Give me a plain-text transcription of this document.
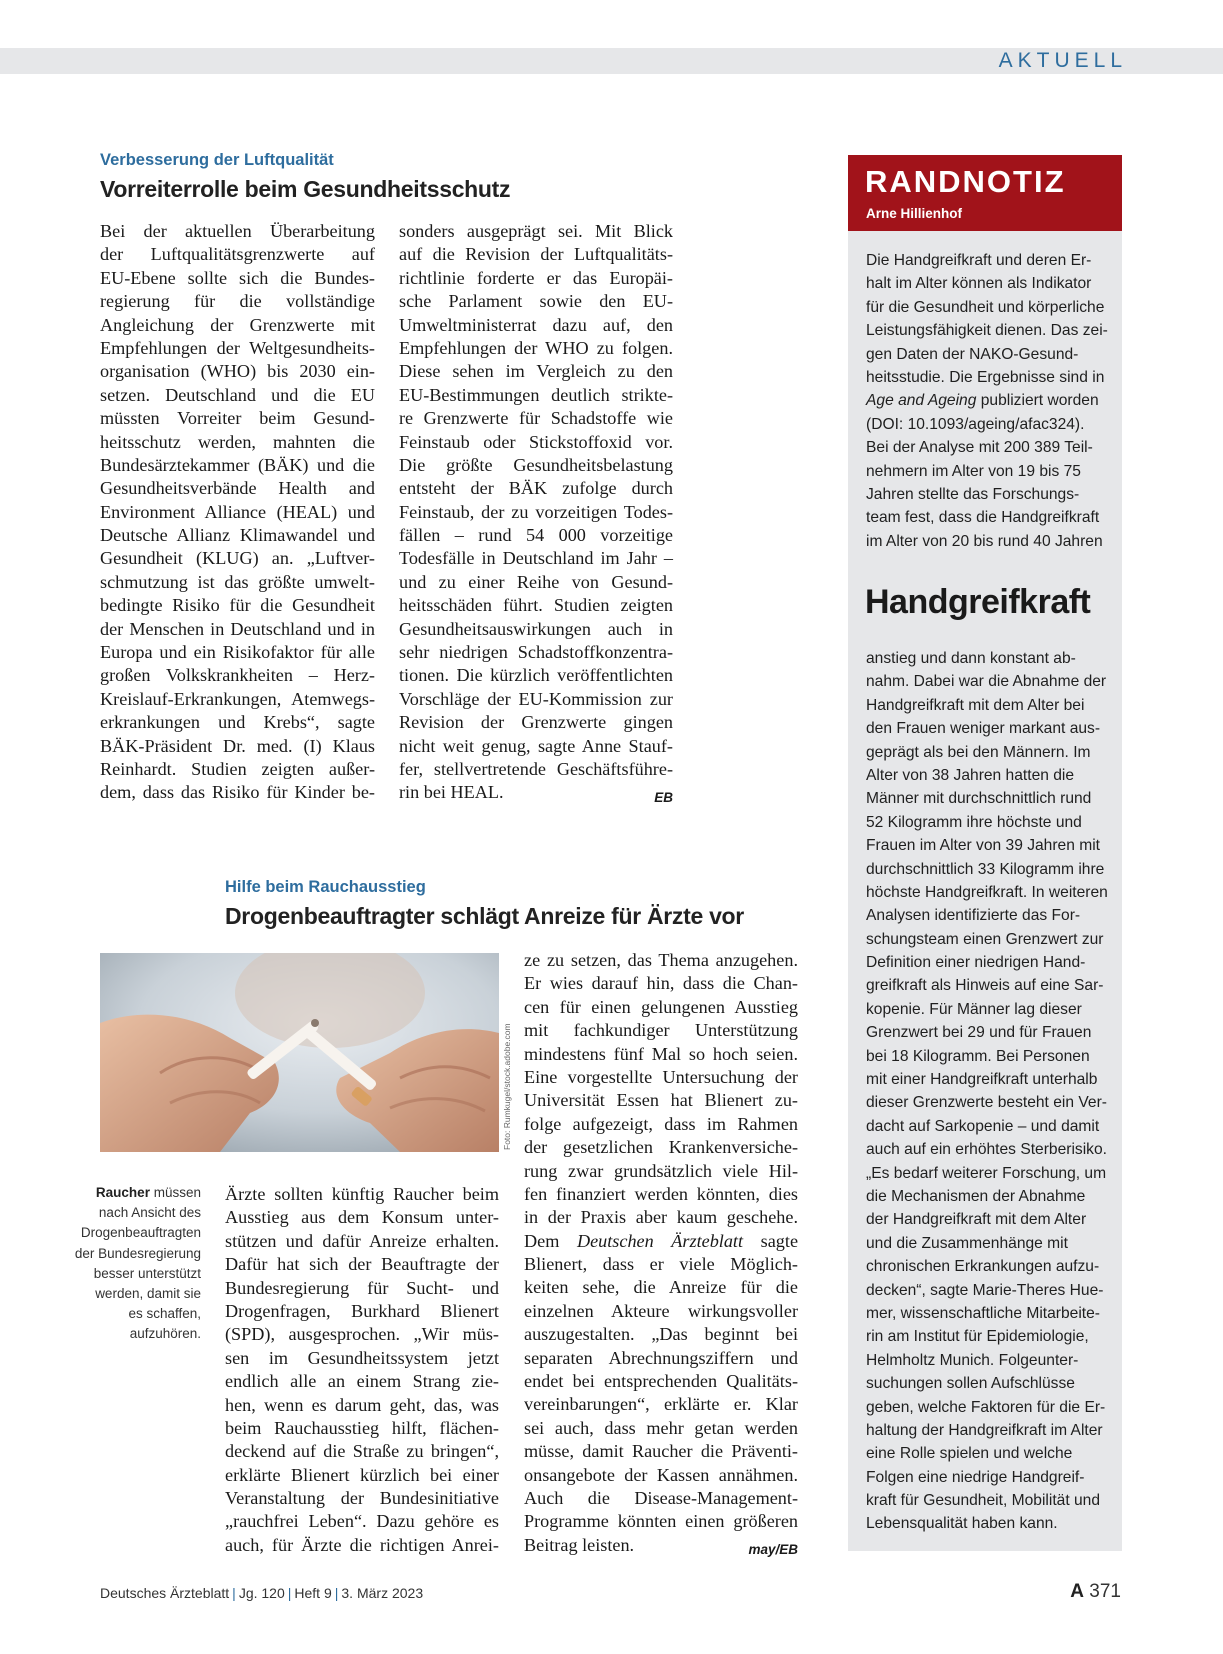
AKTUELL
Verbesserung der Luftqualität
Vorreiterrolle beim Gesundheitsschutz
Bei der aktuellen Überarbeitung
der Luftqualitätsgrenzwerte auf
EU-Ebene sollte sich die Bundes-
regierung für die vollständige
Angleichung der Grenzwerte mit
Empfehlungen der Weltgesundheits-
organisation (WHO) bis 2030 ein-
setzen. Deutschland und die EU
müssten Vorreiter beim Gesund-
heitsschutz werden, mahnten die
Bundesärztekammer (BÄK) und die
Gesundheitsverbände Health and
Environment Alliance (HEAL) und
Deutsche Allianz Klimawandel und
Gesundheit (KLUG) an. „Luftver-
schmutzung ist das größte umwelt-
bedingte Risiko für die Gesundheit
der Menschen in Deutschland und in
Europa und ein Risikofaktor für alle
großen Volkskrankheiten – Herz-
Kreislauf-Erkrankungen, Atemwegs-
erkrankungen und Krebs“, sagte
BÄK-Präsident Dr. med. (I) Klaus
Reinhardt. Studien zeigten außer-
dem, dass das Risiko für Kinder be-
sonders ausgeprägt sei. Mit Blick
auf die Revision der Luftqualitäts-
richtlinie forderte er das Europäi-
sche Parlament sowie den EU-
Umweltministerrat dazu auf, den
Empfehlungen der WHO zu folgen.
Diese sehen im Vergleich zu den
EU-Bestimmungen deutlich strikte-
re Grenzwerte für Schadstoffe wie
Feinstaub oder Stickstoffoxid vor.
Die größte Gesundheitsbelastung
entsteht der BÄK zufolge durch
Feinstaub, der zu vorzeitigen Todes-
fällen – rund 54 000 vorzeitige
Todesfälle in Deutschland im Jahr –
und zu einer Reihe von Gesund-
heitsschäden führt. Studien zeigten
Gesundheitsauswirkungen auch in
sehr niedrigen Schadstoffkonzentra-
tionen. Die kürzlich veröffentlichten
Vorschläge der EU-Kommission zur
Revision der Grenzwerte gingen
nicht weit genug, sagte Anne Stauf-
fer, stellvertretende Geschäftsführe-
rin bei HEAL.	EB
Hilfe beim Rauchausstieg
Drogenbeauftragter schlägt Anreize für Ärzte vor
Foto: Rumkugel/stock.adobe.com
Raucher müssen
nach Ansicht des
Drogenbeauftragten
der Bundesregierung
besser unterstützt
werden, damit sie
es schaffen,
aufzuhören.
Ärzte sollten künftig Raucher beim
Ausstieg aus dem Konsum unter-
stützen und dafür Anreize erhalten.
Dafür hat sich der Beauftragte der
Bundesregierung für Sucht- und
Drogenfragen, Burkhard Blienert
(SPD), ausgesprochen. „Wir müs-
sen im Gesundheitssystem jetzt
endlich alle an einem Strang zie-
hen, wenn es darum geht, das, was
beim Rauchausstieg hilft, flächen-
deckend auf die Straße zu bringen“,
erklärte Blienert kürzlich bei einer
Veranstaltung der Bundesinitiative
„rauchfrei Leben“. Dazu gehöre es
auch, für Ärzte die richtigen Anrei-
ze zu setzen, das Thema anzugehen.
Er wies darauf hin, dass die Chan-
cen für einen gelungenen Ausstieg
mit fachkundiger Unterstützung
mindestens fünf Mal so hoch seien.
Eine vorgestellte Untersuchung der
Universität Essen hat Blienert zu-
folge aufgezeigt, dass im Rahmen
der gesetzlichen Krankenversiche-
rung zwar grundsätzlich viele Hil-
fen finanziert werden könnten, dies
in der Praxis aber kaum geschehe.
Dem Deutschen Ärzteblatt sagte
Blienert, dass er viele Möglich-
keiten sehe, die Anreize für die
einzelnen Akteure wirkungsvoller
auszugestalten. „Das beginnt bei
separaten Abrechnungsziffern und
endet bei entsprechenden Qualitäts-
vereinbarungen“, erklärte er. Klar
sei auch, dass mehr getan werden
müsse, damit Raucher die Präventi-
onsangebote der Kassen annähmen.
Auch die Disease-Management-
Programme könnten einen größeren
Beitrag leisten.	may/EB
RANDNOTIZ
Arne Hillienhof
Die Handgreifkraft und deren Er-
halt im Alter können als Indikator
für die Gesundheit und körperliche
Leistungsfähigkeit dienen. Das zei-
gen Daten der NAKO-Gesund-
heitsstudie. Die Ergebnisse sind in
Age and Ageing publiziert worden
(DOI: 10.1093/ageing/afac324).
Bei der Analyse mit 200 389 Teil-
nehmern im Alter von 19 bis 75
Jahren stellte das Forschungs-
team fest, dass die Handgreifkraft
im Alter von 20 bis rund 40 Jahren
Handgreifkraft
anstieg und dann konstant ab-
nahm. Dabei war die Abnahme der
Handgreifkraft mit dem Alter bei
den Frauen weniger markant aus-
geprägt als bei den Männern. Im
Alter von 38 Jahren hatten die
Männer mit durchschnittlich rund
52 Kilogramm ihre höchste und
Frauen im Alter von 39 Jahren mit
durchschnittlich 33 Kilogramm ihre
höchste Handgreifkraft. In weiteren
Analysen identifizierte das For-
schungsteam einen Grenzwert zur
Definition einer niedrigen Hand-
greifkraft als Hinweis auf eine Sar-
kopenie. Für Männer lag dieser
Grenzwert bei 29 und für Frauen
bei 18 Kilogramm. Bei Personen
mit einer Handgreifkraft unterhalb
dieser Grenzwerte besteht ein Ver-
dacht auf Sarkopenie – und damit
auch auf ein erhöhtes Sterberisiko.
„Es bedarf weiterer Forschung, um
die Mechanismen der Abnahme
der Handgreifkraft mit dem Alter
und die Zusammenhänge mit
chronischen Erkrankungen aufzu-
decken“, sagte Marie-Theres Hue-
mer, wissenschaftliche Mitarbeite-
rin am Institut für Epidemiologie,
Helmholtz Munich. Folgeunter-
suchungen sollen Aufschlüsse
geben, welche Faktoren für die Er-
haltung der Handgreifkraft im Alter
eine Rolle spielen und welche
Folgen eine niedrige Handgreif-
kraft für Gesundheit, Mobilität und
Lebensqualität haben kann.
Deutsches Ärzteblatt | Jg. 120 | Heft 9 | 3. März 2023	A 371
